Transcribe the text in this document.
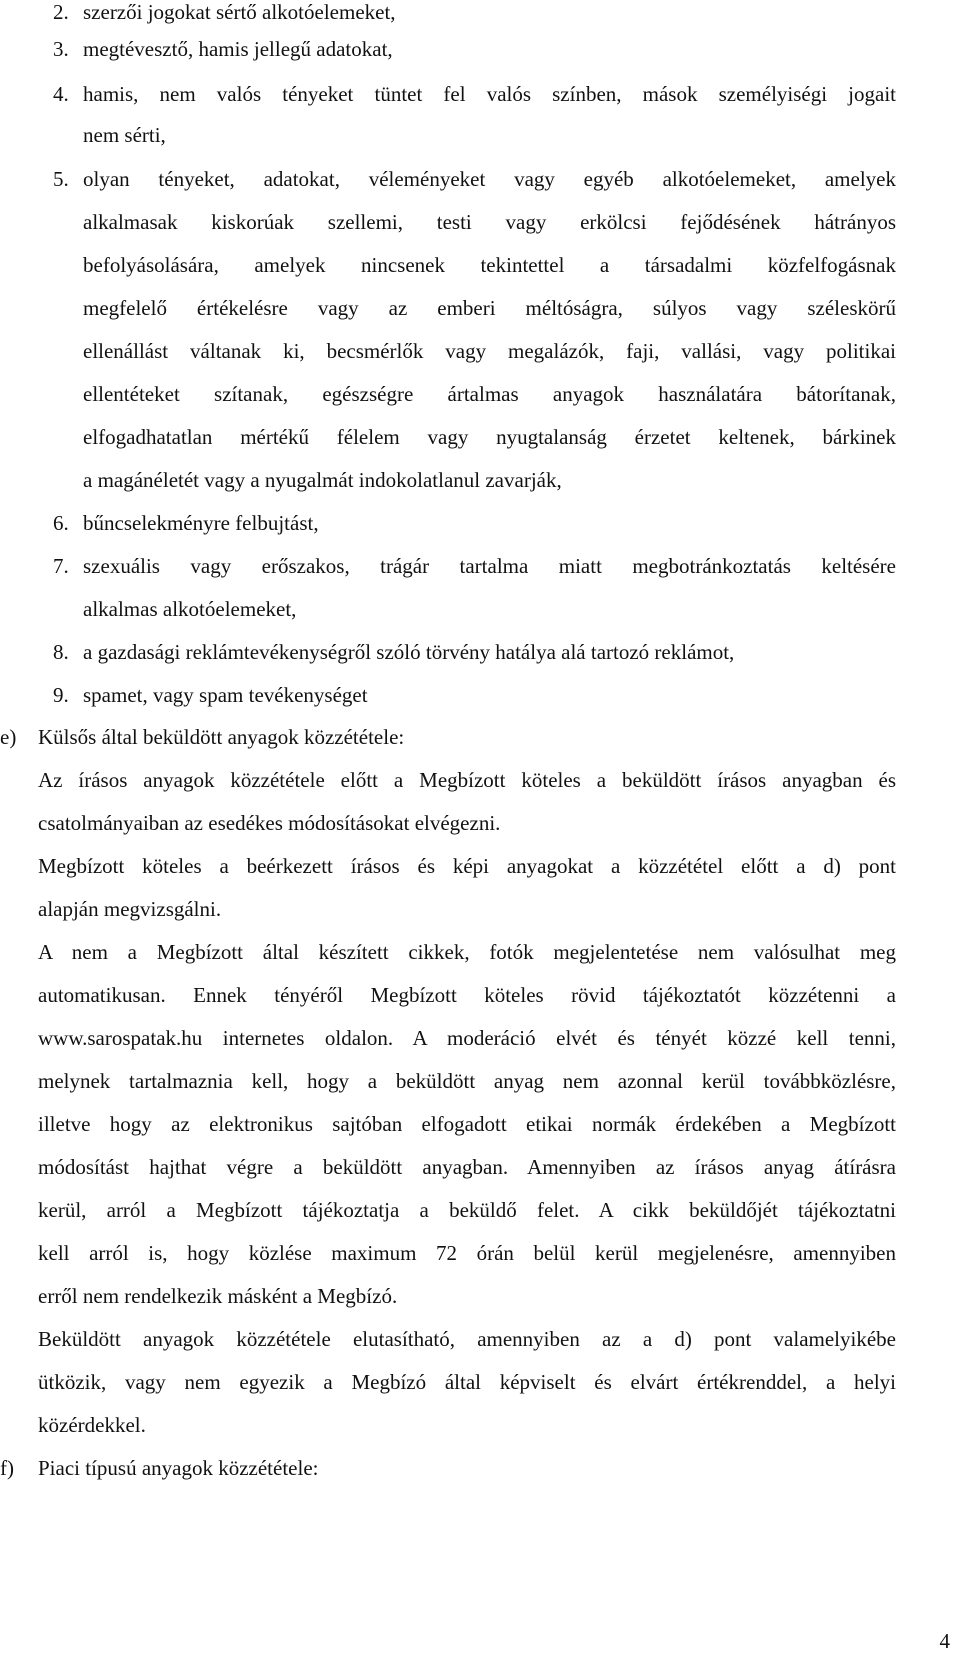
2. szerzői jogokat sértő alkotóelemeket,
3. megtévesztő, hamis jellegű adatokat,
4. hamis, nem valós tényeket tüntet fel valós színben, mások személyiségi jogait
nem sérti,
5. olyan tényeket, adatokat, véleményeket vagy egyéb alkotóelemeket, amelyek
alkalmasak kiskorúak szellemi, testi vagy erkölcsi fejődésének hátrányos
befolyásolására, amelyek nincsenek tekintettel a társadalmi közfelfogásnak
megfelelő értékelésre vagy az emberi méltóságra, súlyos vagy széleskörű
ellenállást váltanak ki, becsmérlők vagy megalázók, faji, vallási, vagy politikai
ellentéteket szítanak, egészségre ártalmas anyagok használatára bátorítanak,
elfogadhatatlan mértékű félelem vagy nyugtalanság érzetet keltenek, bárkinek
a magánéletét vagy a nyugalmát indokolatlanul zavarják,
6. bűncselekményre felbujtást,
7. szexuális vagy erőszakos, trágár tartalma miatt megbotránkoztatás keltésére
alkalmas alkotóelemeket,
8. a gazdasági reklámtevékenységről szóló törvény hatálya alá tartozó reklámot,
9. spamet, vagy spam tevékenységet
e) Külsős által beküldött anyagok közzététele:
Az írásos anyagok közzététele előtt a Megbízott köteles a beküldött írásos anyagban és
csatolmányaiban az esedékes módosításokat elvégezni.
Megbízott köteles a beérkezett írásos és képi anyagokat a közzététel előtt a d) pont
alapján megvizsgálni.
A nem a Megbízott által készített cikkek, fotók megjelentetése nem valósulhat meg
automatikusan. Ennek tényéről Megbízott köteles rövid tájékoztatót közzétenni a
www.sarospatak.hu internetes oldalon. A moderáció elvét és tényét közzé kell tenni,
melynek tartalmaznia kell, hogy a beküldött anyag nem azonnal kerül továbbközlésre,
illetve hogy az elektronikus sajtóban elfogadott etikai normák érdekében a Megbízott
módosítást hajthat végre a beküldött anyagban. Amennyiben az írásos anyag átírásra
kerül, arról a Megbízott tájékoztatja a beküldő felet. A cikk beküldőjét tájékoztatni
kell arról is, hogy közlése maximum 72 órán belül kerül megjelenésre, amennyiben
erről nem rendelkezik másként a Megbízó.
Beküldött anyagok közzététele elutasítható, amennyiben az a d) pont valamelyikébe
ütközik, vagy nem egyezik a Megbízó által képviselt és elvárt értékrenddel, a helyi
közérdekkel.
f) Piaci típusú anyagok közzététele:
4
